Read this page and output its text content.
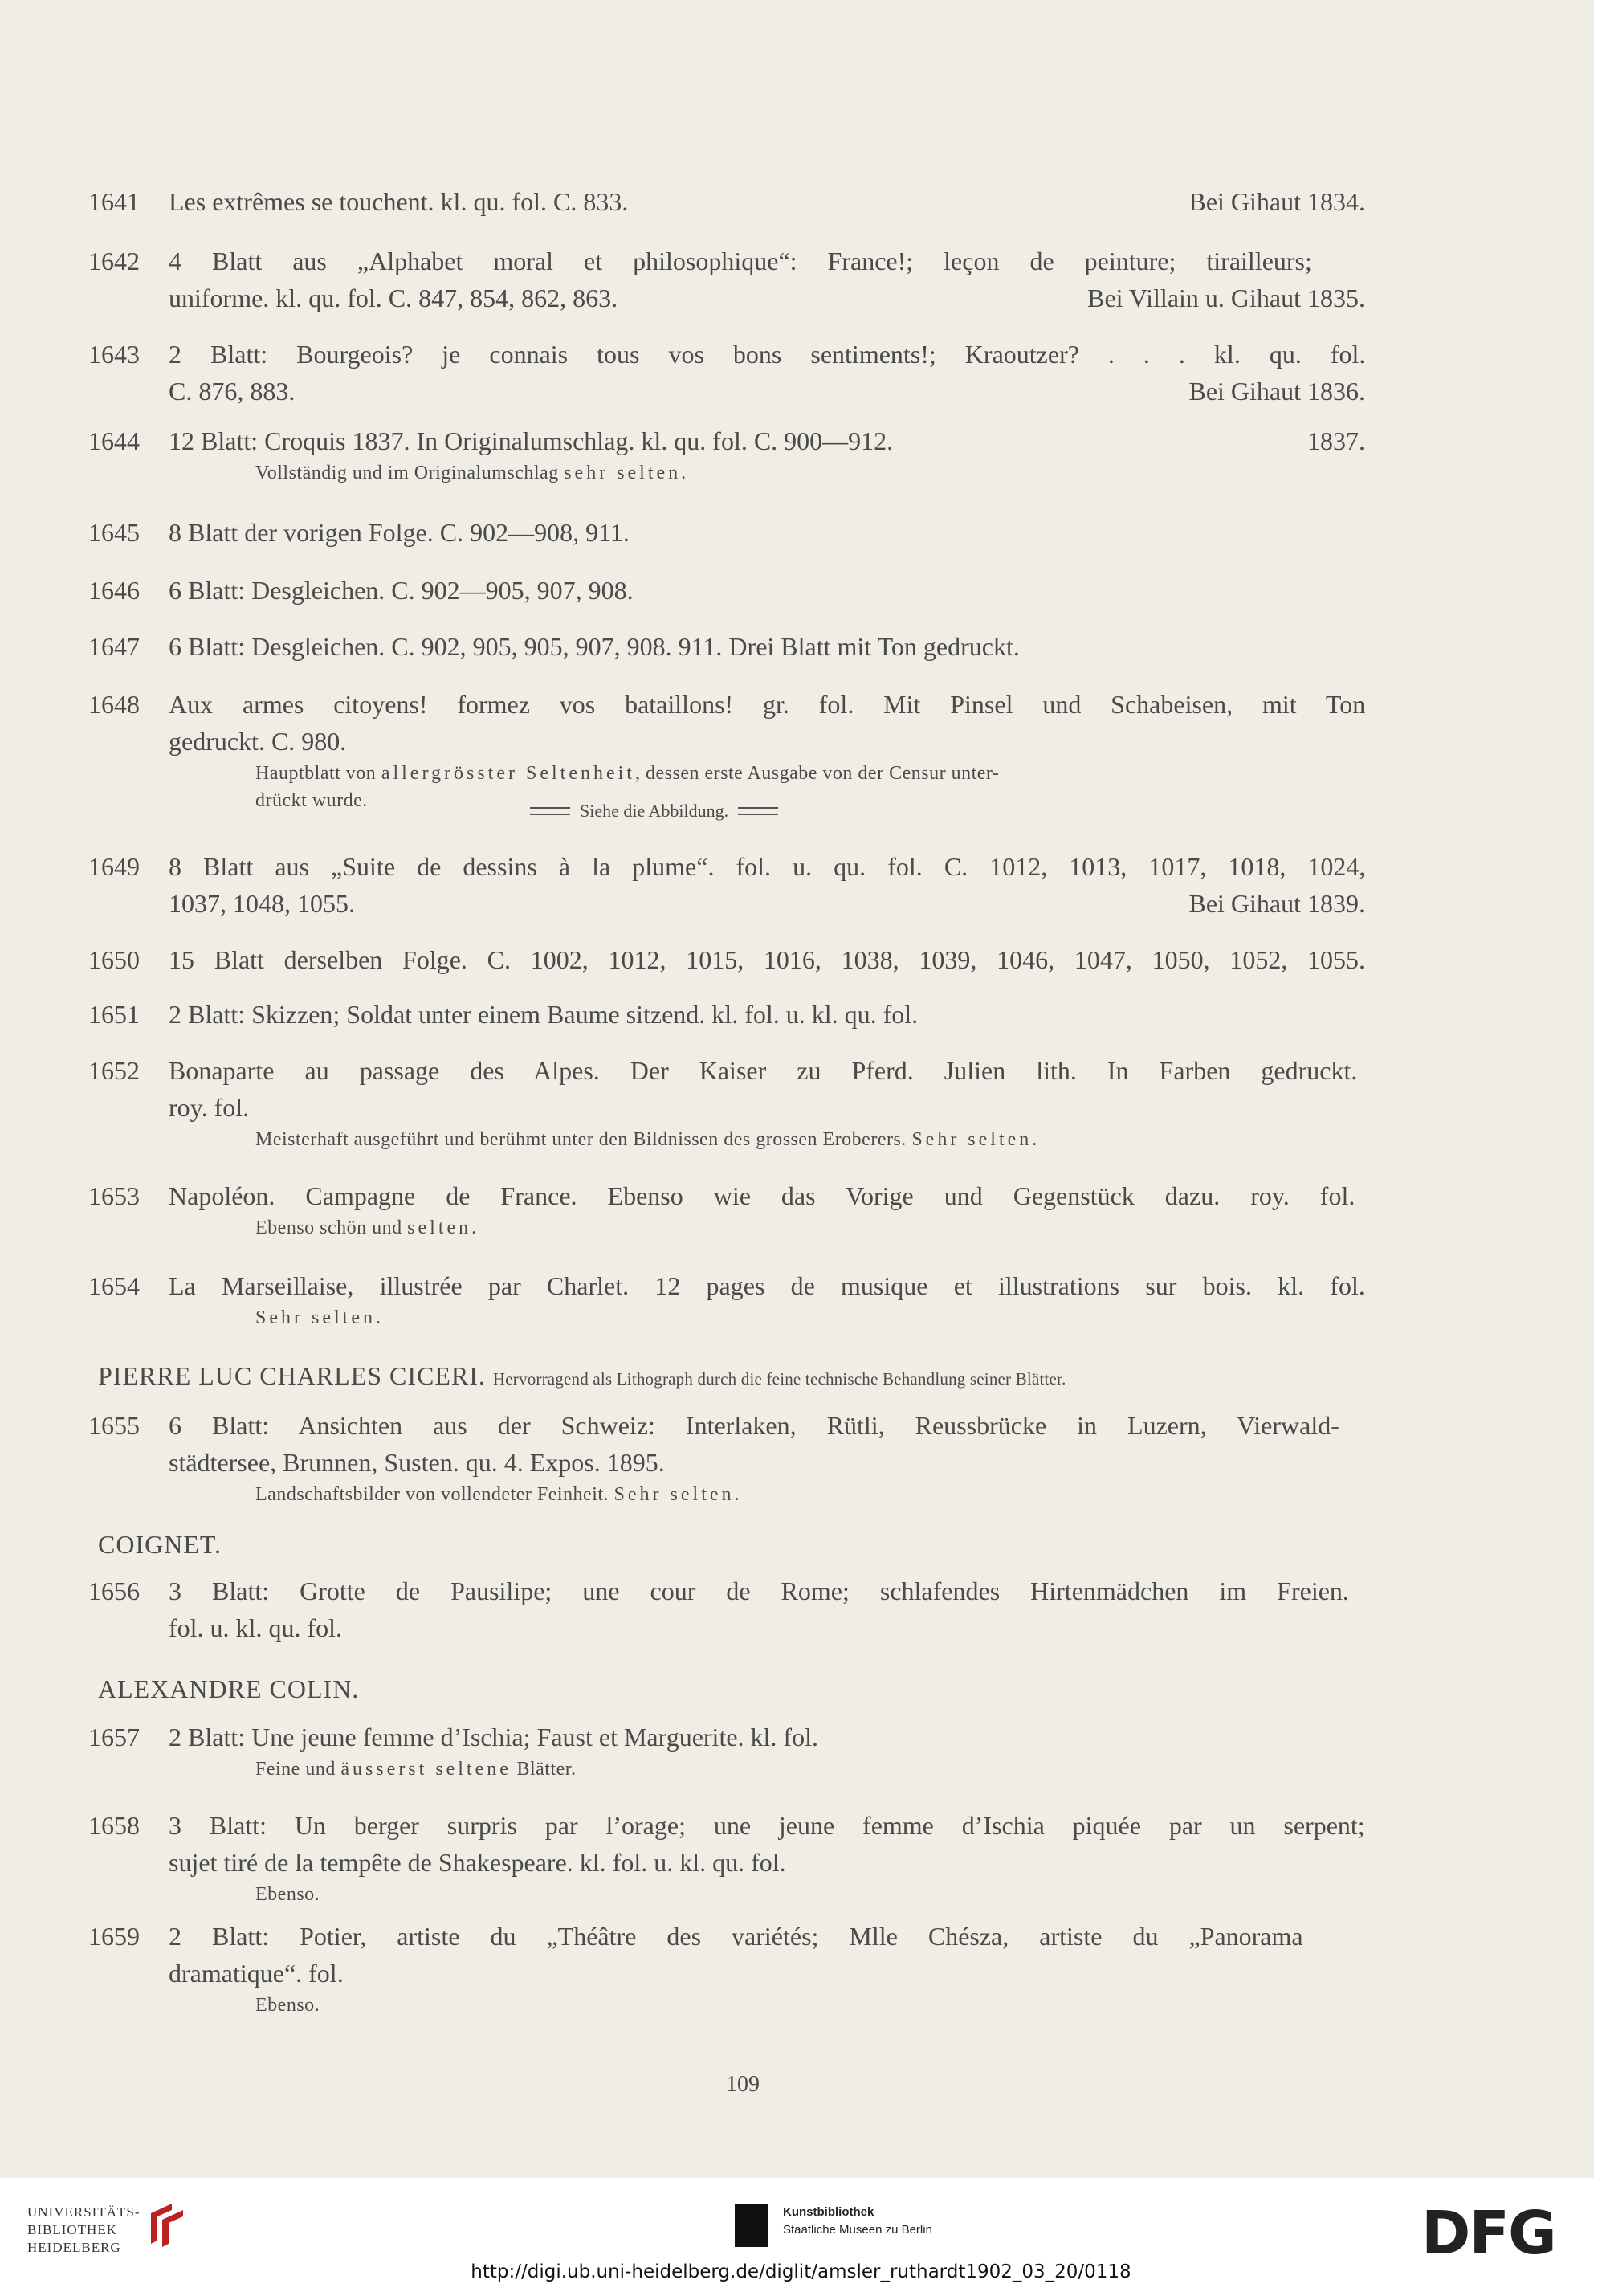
1641	Les extrêmes se touchent. kl. qu. fol. C. 833.	Bei Gihaut 1834.
1642	4 Blatt aus „Alphabet moral et philosophique“: France!; leçon de peinture; tirailleurs;
uniforme. kl. qu. fol. C. 847, 854, 862, 863.	Bei Villain u. Gihaut 1835.
1643	2 Blatt: Bourgeois? je connais tous vos bons sentiments!; Kraoutzer? . . . kl. qu. fol.
C. 876, 883.	Bei Gihaut 1836.
1644	12 Blatt: Croquis 1837. In Originalumschlag. kl. qu. fol. C. 900—912.	1837.
Vollständig und im Originalumschlag sehr selten.
1645	8 Blatt der vorigen Folge. C. 902—908, 911.
1646	6 Blatt: Desgleichen. C. 902—905, 907, 908.
1647	6 Blatt: Desgleichen. C. 902, 905, 905, 907, 908. 911. Drei Blatt mit Ton gedruckt.
1648	Aux armes citoyens! formez vos bataillons! gr. fol. Mit Pinsel und Schabeisen, mit Ton
gedruckt. C. 980.
Hauptblatt von allergrösster Seltenheit, dessen erste Ausgabe von der Censur unter-
drückt wurde.
1649	8 Blatt aus „Suite de dessins à la plume“. fol. u. qu. fol. C. 1012, 1013, 1017, 1018, 1024,
1037, 1048, 1055.	Bei Gihaut 1839.
1650	15 Blatt derselben Folge. C. 1002, 1012, 1015, 1016, 1038, 1039, 1046, 1047, 1050, 1052, 1055.
1651	2 Blatt: Skizzen; Soldat unter einem Baume sitzend. kl. fol. u. kl. qu. fol.
1652	Bonaparte au passage des Alpes. Der Kaiser zu Pferd. Julien lith. In Farben gedruckt.
roy. fol.
Meisterhaft ausgeführt und berühmt unter den Bildnissen des grossen Eroberers. Sehr selten.
1653	Napoléon. Campagne de France. Ebenso wie das Vorige und Gegenstück dazu. roy. fol.
Ebenso schön und selten.
1654	La Marseillaise, illustrée par Charlet. 12 pages de musique et illustrations sur bois. kl. fol.
Sehr selten.
1655	6 Blatt: Ansichten aus der Schweiz: Interlaken, Rütli, Reussbrücke in Luzern, Vierwald-
städtersee, Brunnen, Susten. qu. 4. Expos. 1895.
Landschaftsbilder von vollendeter Feinheit. Sehr selten.
1656	3 Blatt: Grotte de Pausilipe; une cour de Rome; schlafendes Hirtenmädchen im Freien.
fol. u. kl. qu. fol.
1657	2 Blatt: Une jeune femme d’Ischia; Faust et Marguerite. kl. fol.
Feine und äusserst seltene Blätter.
1658	3 Blatt: Un berger surpris par l’orage; une jeune femme d’Ischia piquée par un serpent;
sujet tiré de la tempête de Shakespeare. kl. fol. u. kl. qu. fol.
Ebenso.
1659	2 Blatt: Potier, artiste du „Théâtre des variétés; Mlle Chésza, artiste du „Panorama
dramatique“. fol.
Ebenso.
Siehe die Abbildung.
PIERRE LUC CHARLES CICERI. Hervorragend als Lithograph durch die feine technische Behandlung seiner Blätter.
COIGNET.
ALEXANDRE COLIN.
109
UNIVERSITÄTS-
BIBLIOTHEK
HEIDELBERG
Kunstbibliothek
Staatliche Museen zu Berlin	DFG
http://digi.ub.uni-heidelberg.de/diglit/amsler_ruthardt1902_03_20/0118
